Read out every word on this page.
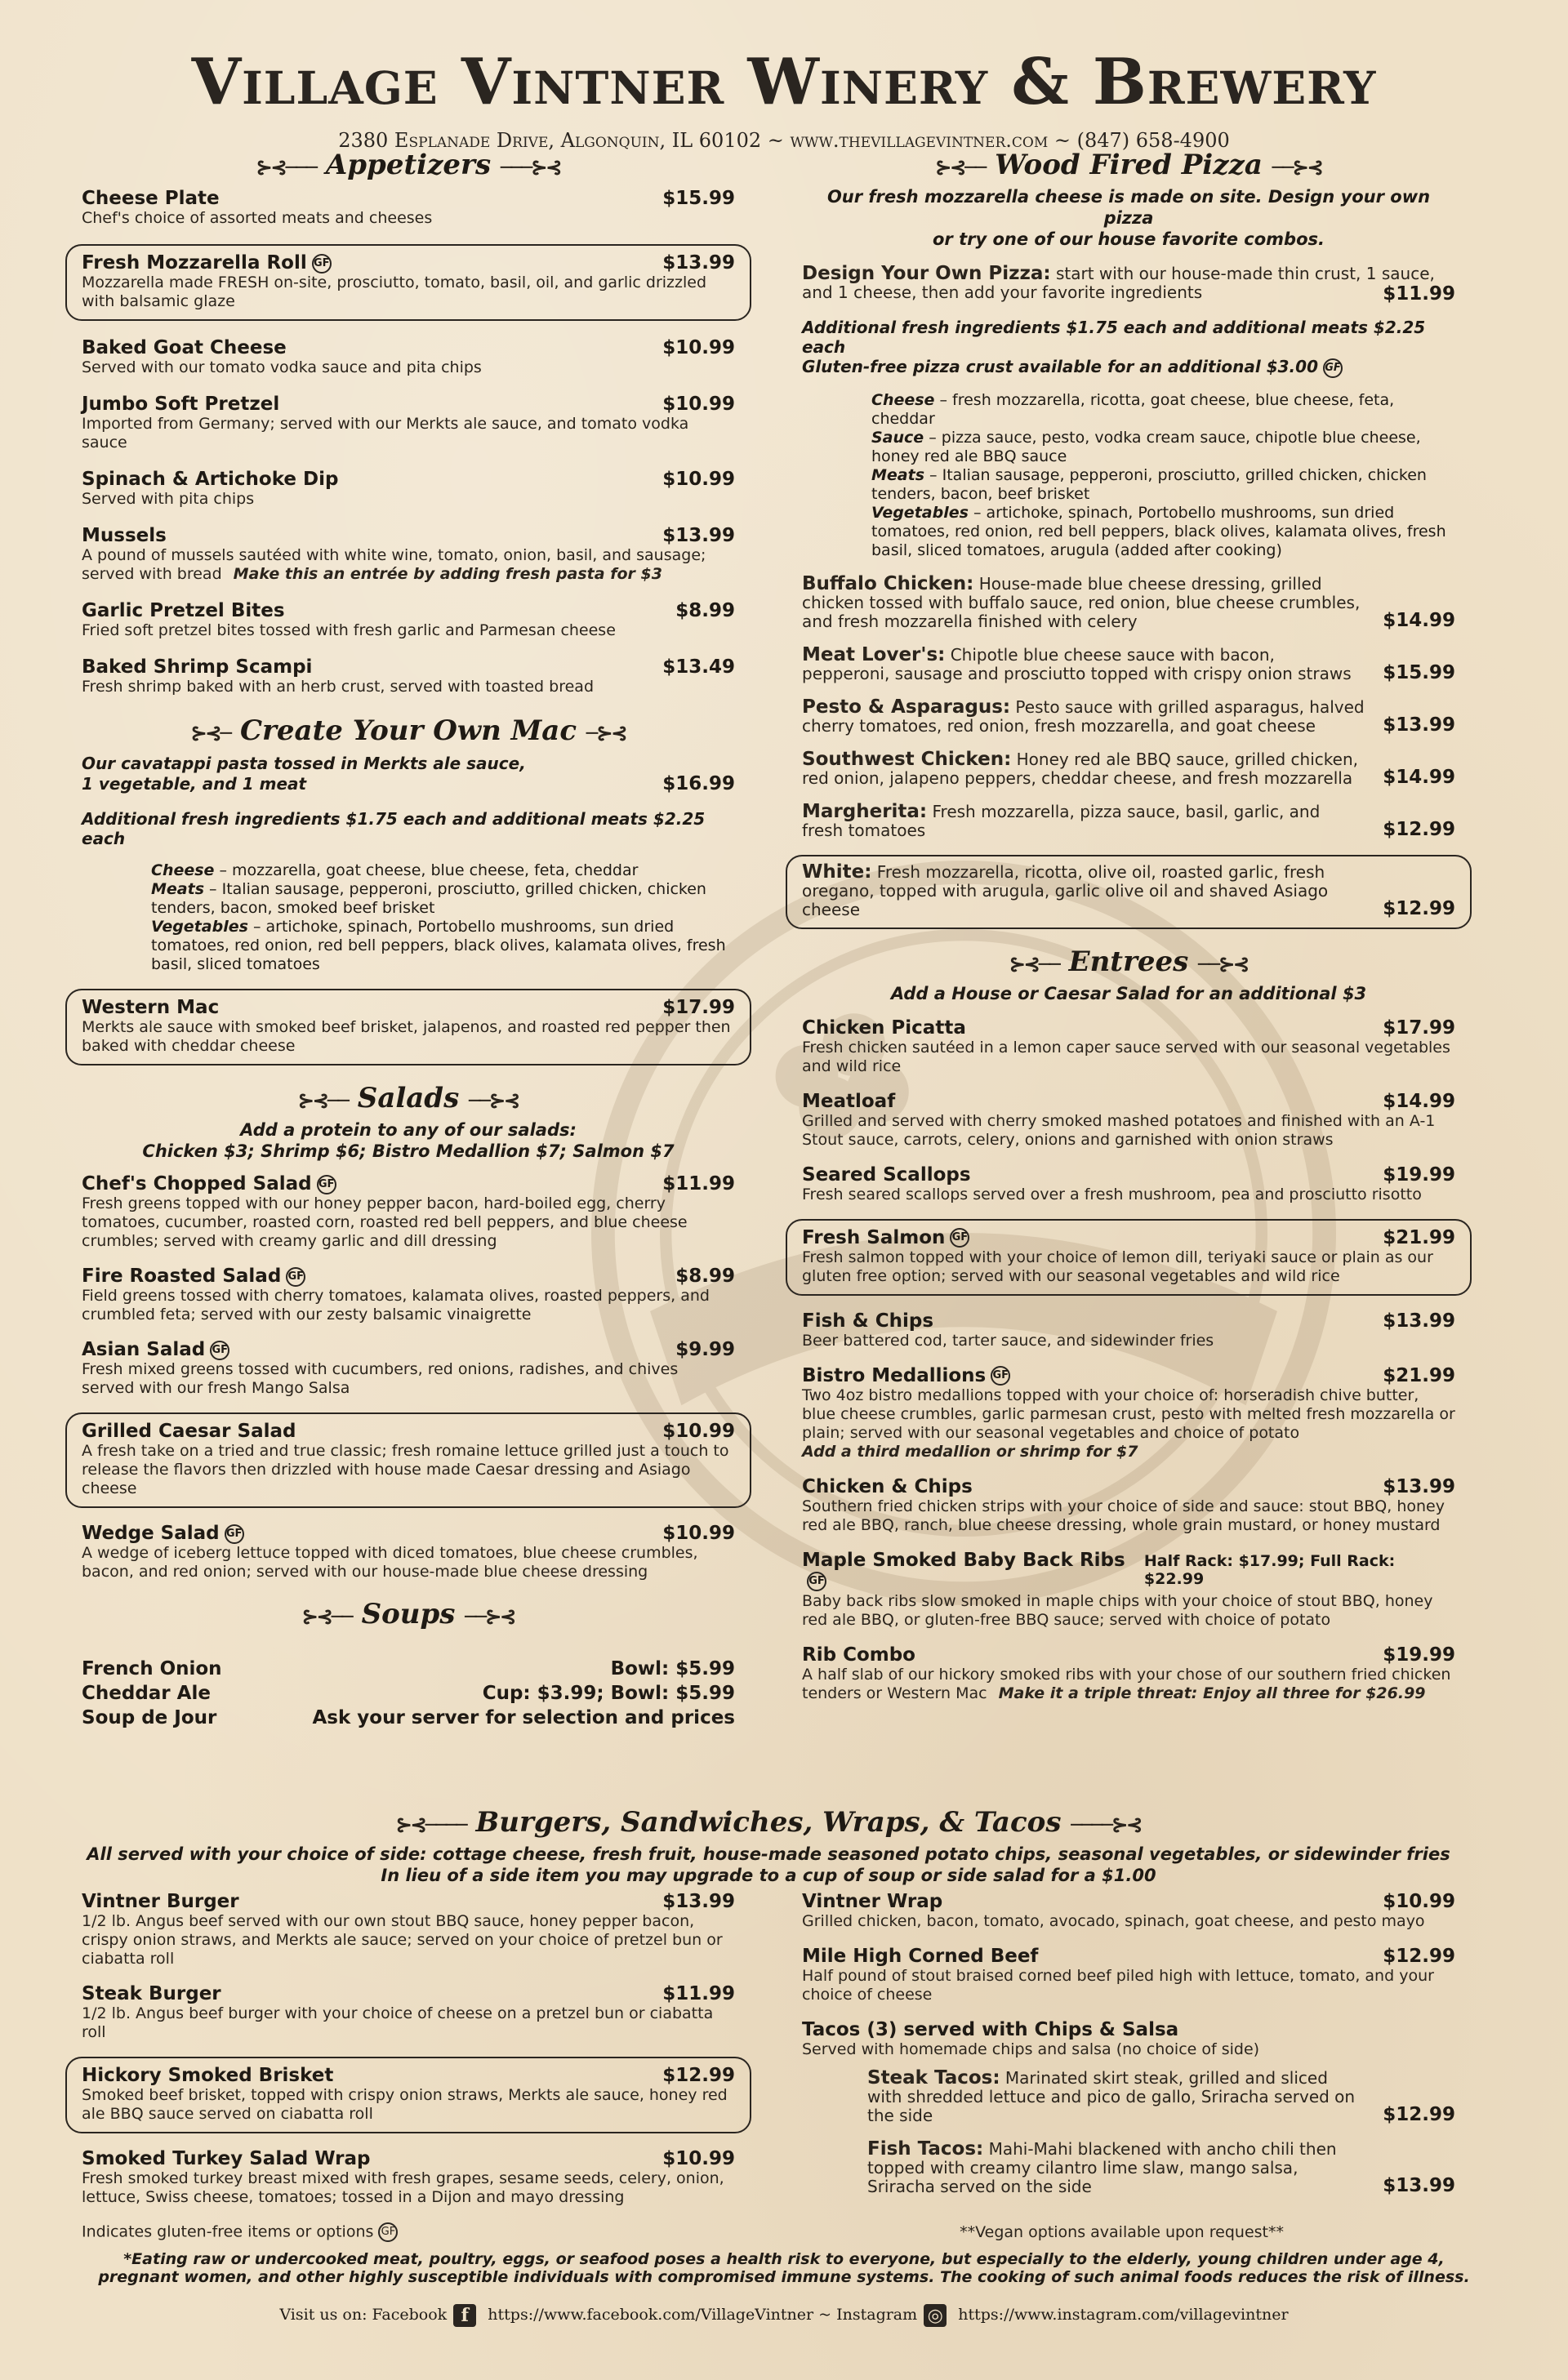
Village Vintner Winery & Brewery
2380 Esplanade Drive, Algonquin, IL 60102 ~ www.thevillagevintner.com ~ (847) 658-4900
⊱⊰─── Appetizers ───⊱⊰
Cheese Plate	$15.99
Chef's choice of assorted meats and cheeses
Fresh Mozzarella Roll GF	$13.99
Mozzarella made FRESH on-site, prosciutto, tomato, basil, oil, and garlic drizzled with balsamic glaze
Baked Goat Cheese	$10.99
Served with our tomato vodka sauce and pita chips
Jumbo Soft Pretzel	$10.99
Imported from Germany; served with our Merkts ale sauce, and tomato vodka sauce
Spinach & Artichoke Dip	$10.99
Served with pita chips
Mussels	$13.99
A pound of mussels sautéed with white wine, tomato, onion, basil, and sausage; served with bread Make this an entrée by adding fresh pasta for $3
Garlic Pretzel Bites	$8.99
Fried soft pretzel bites tossed with fresh garlic and Parmesan cheese
Baked Shrimp Scampi	$13.49
Fresh shrimp baked with an herb crust, served with toasted bread
⊱⊰─ Create Your Own Mac ─⊱⊰
Our cavatappi pasta tossed in Merkts ale sauce,
1 vegetable, and 1 meat	$16.99
Additional fresh ingredients $1.75 each and additional meats $2.25 each
Cheese – mozzarella, goat cheese, blue cheese, feta, cheddar
Meats – Italian sausage, pepperoni, prosciutto, grilled chicken, chicken tenders, bacon, smoked beef brisket
Vegetables – artichoke, spinach, Portobello mushrooms, sun dried tomatoes, red onion, red bell peppers, black olives, kalamata olives, fresh basil, sliced tomatoes
Western Mac	$17.99
Merkts ale sauce with smoked beef brisket, jalapenos, and roasted red pepper then baked with cheddar cheese
⊱⊰── Salads ──⊱⊰
Add a protein to any of our salads:
Chicken $3; Shrimp $6; Bistro Medallion $7; Salmon $7
Chef's Chopped Salad GF	$11.99
Fresh greens topped with our honey pepper bacon, hard-boiled egg, cherry tomatoes, cucumber, roasted corn, roasted red bell peppers, and blue cheese crumbles; served with creamy garlic and dill dressing
Fire Roasted Salad GF	$8.99
Field greens tossed with cherry tomatoes, kalamata olives, roasted peppers, and crumbled feta; served with our zesty balsamic vinaigrette
Asian Salad GF	$9.99
Fresh mixed greens tossed with cucumbers, red onions, radishes, and chives served with our fresh Mango Salsa
Grilled Caesar Salad	$10.99
A fresh take on a tried and true classic; fresh romaine lettuce grilled just a touch to release the flavors then drizzled with house made Caesar dressing and Asiago cheese
Wedge Salad GF	$10.99
A wedge of iceberg lettuce topped with diced tomatoes, blue cheese crumbles, bacon, and red onion; served with our house-made blue cheese dressing
⊱⊰── Soups ──⊱⊰
French Onion	Bowl: $5.99
Cheddar Ale	Cup: $3.99; Bowl: $5.99
Soup de Jour	Ask your server for selection and prices
⊱⊰── Wood Fired Pizza ──⊱⊰
Our fresh mozzarella cheese is made on site. Design your own pizza
or try one of our house favorite combos.
Design Your Own Pizza: start with our house-made thin crust, 1 sauce, and 1 cheese, then add your favorite ingredients	$11.99
Additional fresh ingredients $1.75 each and additional meats $2.25 each
Gluten-free pizza crust available for an additional $3.00 GF
Cheese – fresh mozzarella, ricotta, goat cheese, blue cheese, feta, cheddar
Sauce – pizza sauce, pesto, vodka cream sauce, chipotle blue cheese, honey red ale BBQ sauce
Meats – Italian sausage, pepperoni, prosciutto, grilled chicken, chicken tenders, bacon, beef brisket
Vegetables – artichoke, spinach, Portobello mushrooms, sun dried tomatoes, red onion, red bell peppers, black olives, kalamata olives, fresh basil, sliced tomatoes, arugula (added after cooking)
Buffalo Chicken: House-made blue cheese dressing, grilled chicken tossed with buffalo sauce, red onion, blue cheese crumbles, and fresh mozzarella finished with celery	$14.99
Meat Lover's: Chipotle blue cheese sauce with bacon, pepperoni, sausage and prosciutto topped with crispy onion straws	$15.99
Pesto & Asparagus: Pesto sauce with grilled asparagus, halved cherry tomatoes, red onion, fresh mozzarella, and goat cheese	$13.99
Southwest Chicken: Honey red ale BBQ sauce, grilled chicken, red onion, jalapeno peppers, cheddar cheese, and fresh mozzarella	$14.99
Margherita: Fresh mozzarella, pizza sauce, basil, garlic, and fresh tomatoes	$12.99
White: Fresh mozzarella, ricotta, olive oil, roasted garlic, fresh oregano, topped with arugula, garlic olive oil and shaved Asiago cheese	$12.99
⊱⊰── Entrees ──⊱⊰
Add a House or Caesar Salad for an additional $3
Chicken Picatta	$17.99
Fresh chicken sautéed in a lemon caper sauce served with our seasonal vegetables and wild rice
Meatloaf	$14.99
Grilled and served with cherry smoked mashed potatoes and finished with an A-1 Stout sauce, carrots, celery, onions and garnished with onion straws
Seared Scallops	$19.99
Fresh seared scallops served over a fresh mushroom, pea and prosciutto risotto
Fresh Salmon GF	$21.99
Fresh salmon topped with your choice of lemon dill, teriyaki sauce or plain as our gluten free option; served with our seasonal vegetables and wild rice
Fish & Chips	$13.99
Beer battered cod, tarter sauce, and sidewinder fries
Bistro Medallions GF	$21.99
Two 4oz bistro medallions topped with your choice of: horseradish chive butter, blue cheese crumbles, garlic parmesan crust, pesto with melted fresh mozzarella or plain; served with our seasonal vegetables and choice of potato
Add a third medallion or shrimp for $7
Chicken & Chips	$13.99
Southern fried chicken strips with your choice of side and sauce: stout BBQ, honey red ale BBQ, ranch, blue cheese dressing, whole grain mustard, or honey mustard
Maple Smoked Baby Back RibsGF
Half Rack: $17.99; Full Rack: $22.99
Baby back ribs slow smoked in maple chips with your choice of stout BBQ, honey red ale BBQ, or gluten-free BBQ sauce; served with choice of potato
Rib Combo	$19.99
A half slab of our hickory smoked ribs with your chose of our southern fried chicken tenders or Western Mac Make it a triple threat: Enjoy all three for $26.99
⊱⊰──── Burgers, Sandwiches, Wraps, & Tacos ────⊱⊰
All served with your choice of side: cottage cheese, fresh fruit, house-made seasoned potato chips, seasonal vegetables, or sidewinder fries
In lieu of a side item you may upgrade to a cup of soup or side salad for a $1.00
Vintner Burger	$13.99
1/2 lb. Angus beef served with our own stout BBQ sauce, honey pepper bacon, crispy onion straws, and Merkts ale sauce; served on your choice of pretzel bun or ciabatta roll
Steak Burger	$11.99
1/2 lb. Angus beef burger with your choice of cheese on a pretzel bun or ciabatta roll
Hickory Smoked Brisket	$12.99
Smoked beef brisket, topped with crispy onion straws, Merkts ale sauce, honey red ale BBQ sauce served on ciabatta roll
Smoked Turkey Salad Wrap	$10.99
Fresh smoked turkey breast mixed with fresh grapes, sesame seeds, celery, onion, lettuce, Swiss cheese, tomatoes; tossed in a Dijon and mayo dressing
Vintner Wrap	$10.99
Grilled chicken, bacon, tomato, avocado, spinach, goat cheese, and pesto mayo
Mile High Corned Beef	$12.99
Half pound of stout braised corned beef piled high with lettuce, tomato, and your choice of cheese
Tacos (3) served with Chips & Salsa
Served with homemade chips and salsa (no choice of side)
Steak Tacos: Marinated skirt steak, grilled and sliced with shredded lettuce and pico de gallo, Sriracha served on the side	$12.99
Fish Tacos: Mahi-Mahi blackened with ancho chili then topped with creamy cilantro lime slaw, mango salsa, Sriracha served on the side	$13.99
Indicates gluten-free items or options GF	**Vegan options available upon request**
*Eating raw or undercooked meat, poultry, eggs, or seafood poses a health risk to everyone, but especially to the elderly, young children under age 4,
pregnant women, and other highly susceptible individuals with compromised immune systems. The cooking of such animal foods reduces the risk of illness.
Visit us on: Facebook f https://www.facebook.com/VillageVintner ~ Instagram ◎ https://www.instagram.com/villagevintner
